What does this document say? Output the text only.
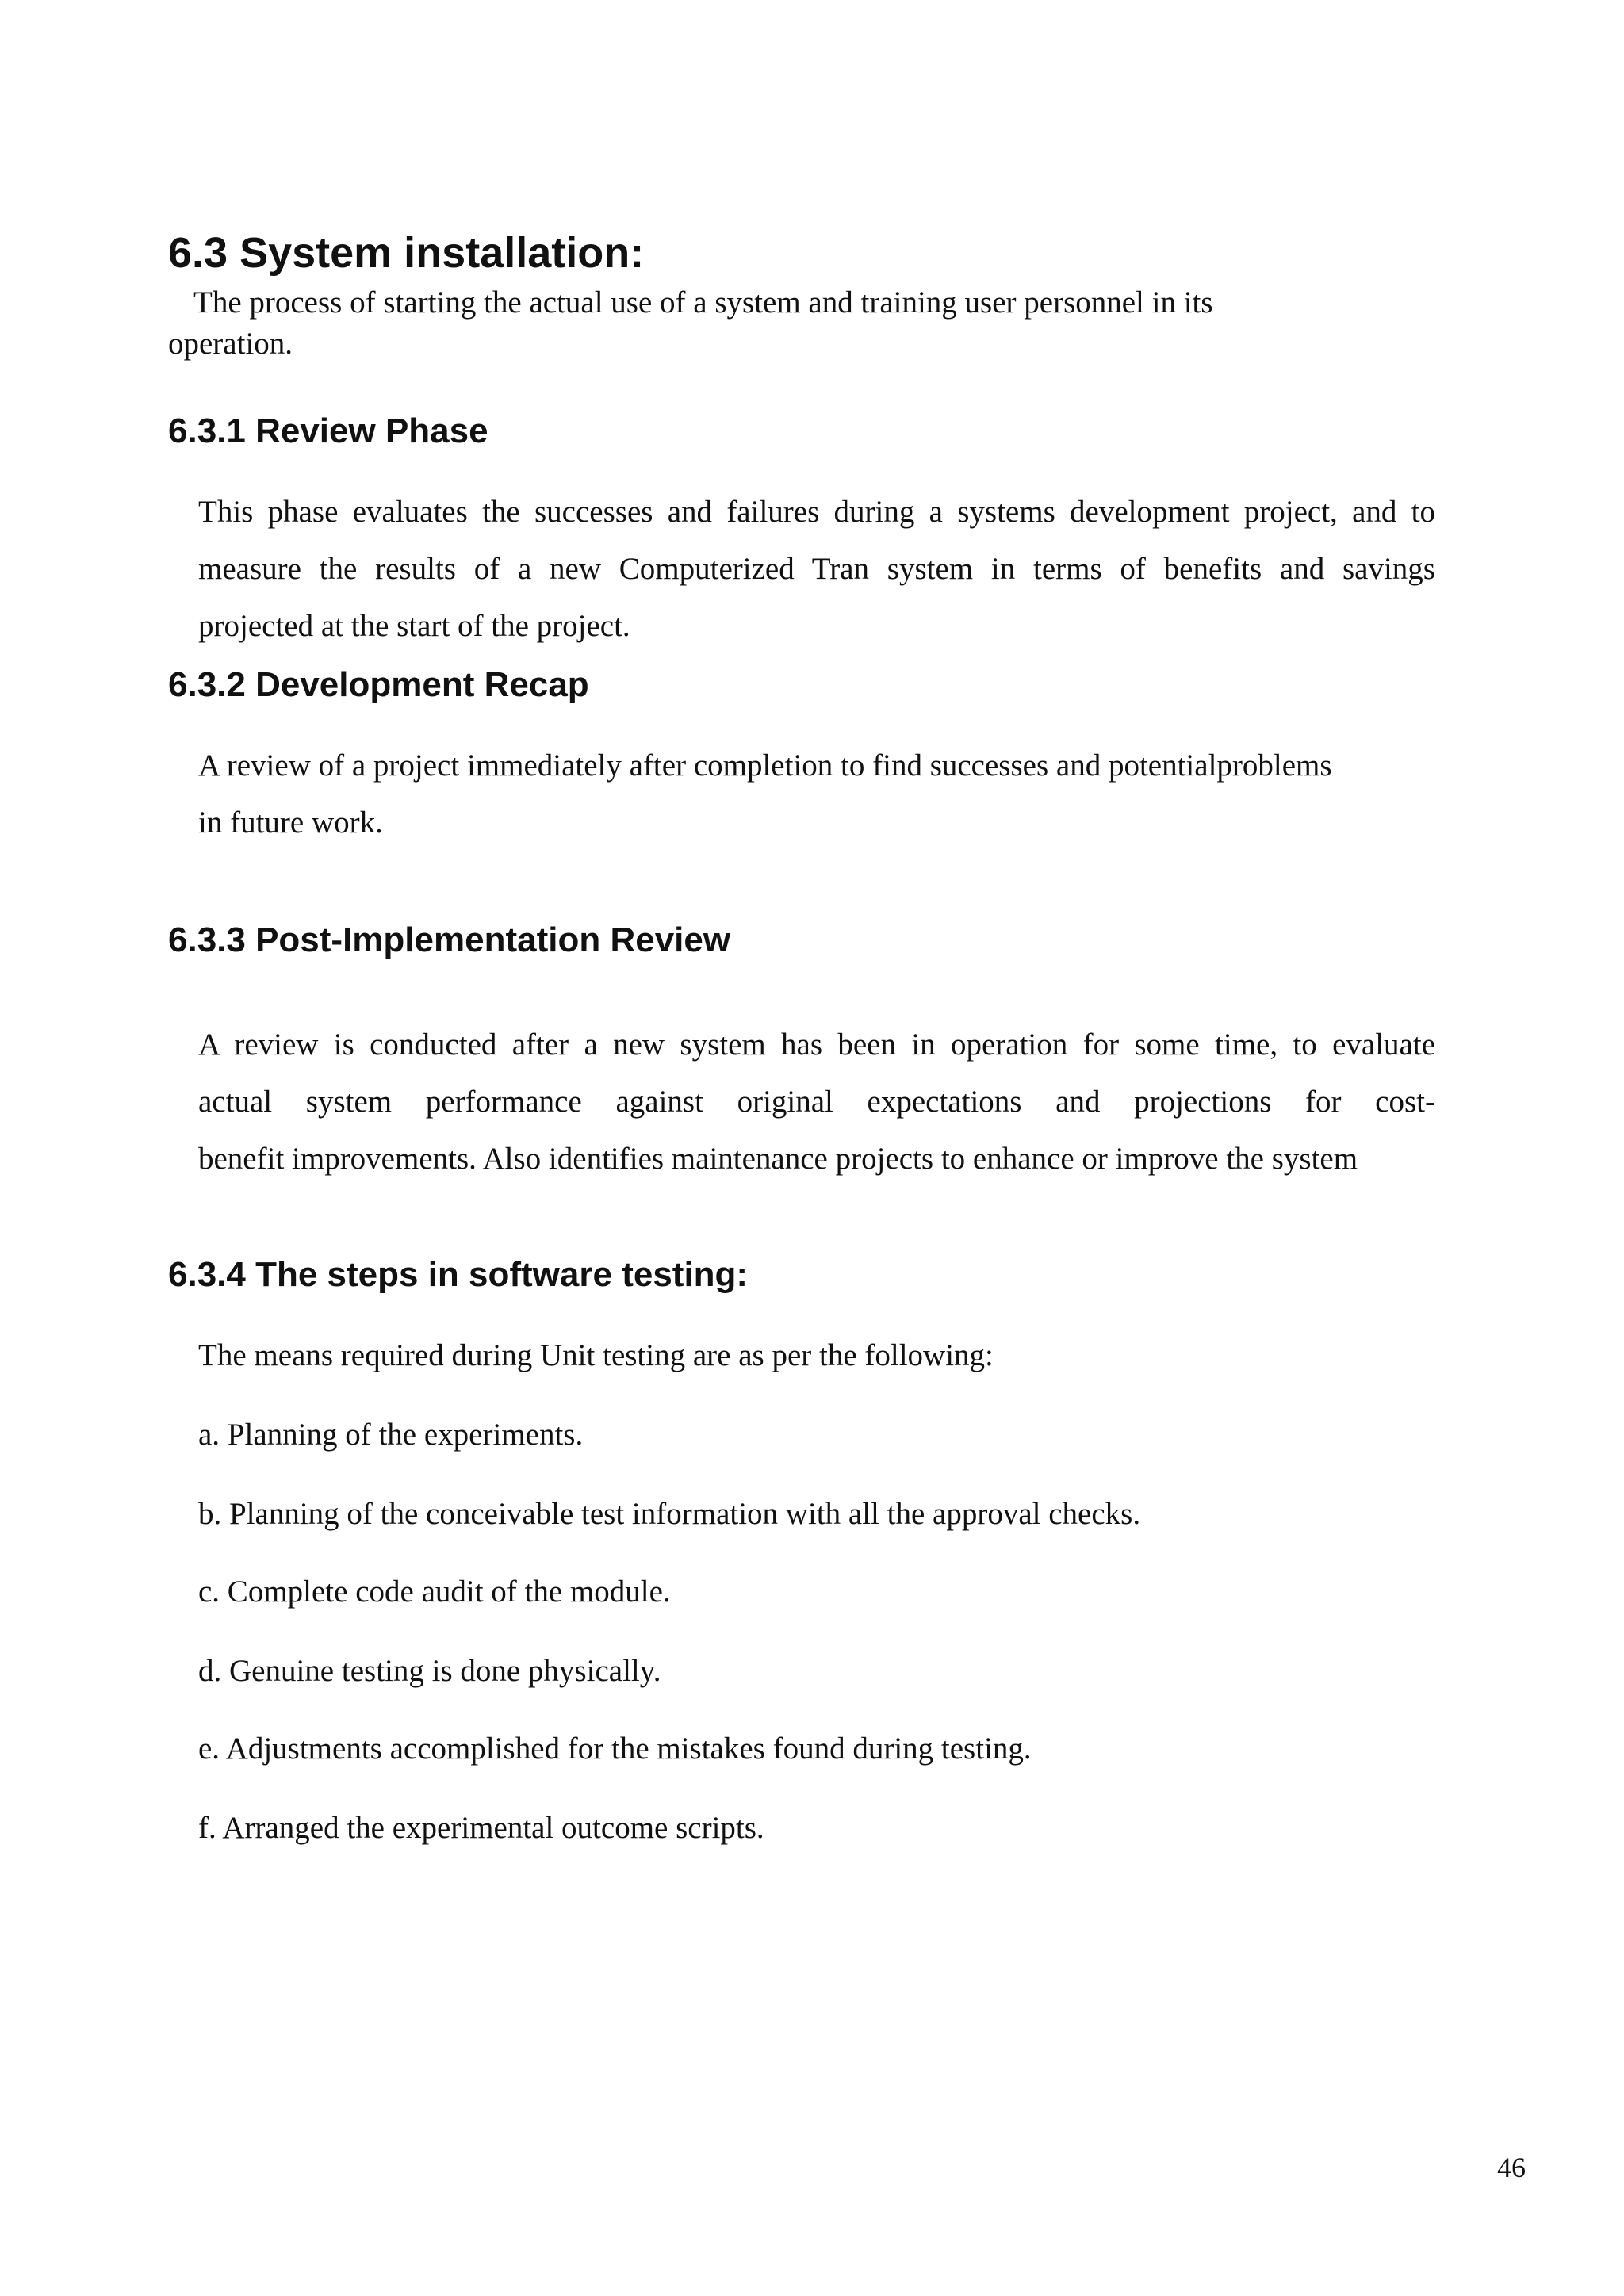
6.3 System installation:

The process of starting the actual use of a system and training user personnel in its

operation.

6.3.1 Review Phase

This phase evaluates the successes and failures during a systems development project, and to

measure the results of a new Computerized Tran system in terms of benefits and savings

projected at the start of the project.

6.3.2 Development Recap

A review of a project immediately after completion to find successes and potentialproblems

in future work.

6.3.3 Post-Implementation Review

A review is conducted after a new system has been in operation for some time, to evaluate

actual system performance against original expectations and projections for cost-

benefit improvements. Also identifies maintenance projects to enhance or improve the system

6.3.4 The steps in software testing:

The means required during Unit testing are as per the following:

a. Planning of the experiments.

b. Planning of the conceivable test information with all the approval checks.

c. Complete code audit of the module.

d. Genuine testing is done physically.

e. Adjustments accomplished for the mistakes found during testing.

f. Arranged the experimental outcome scripts.

46
